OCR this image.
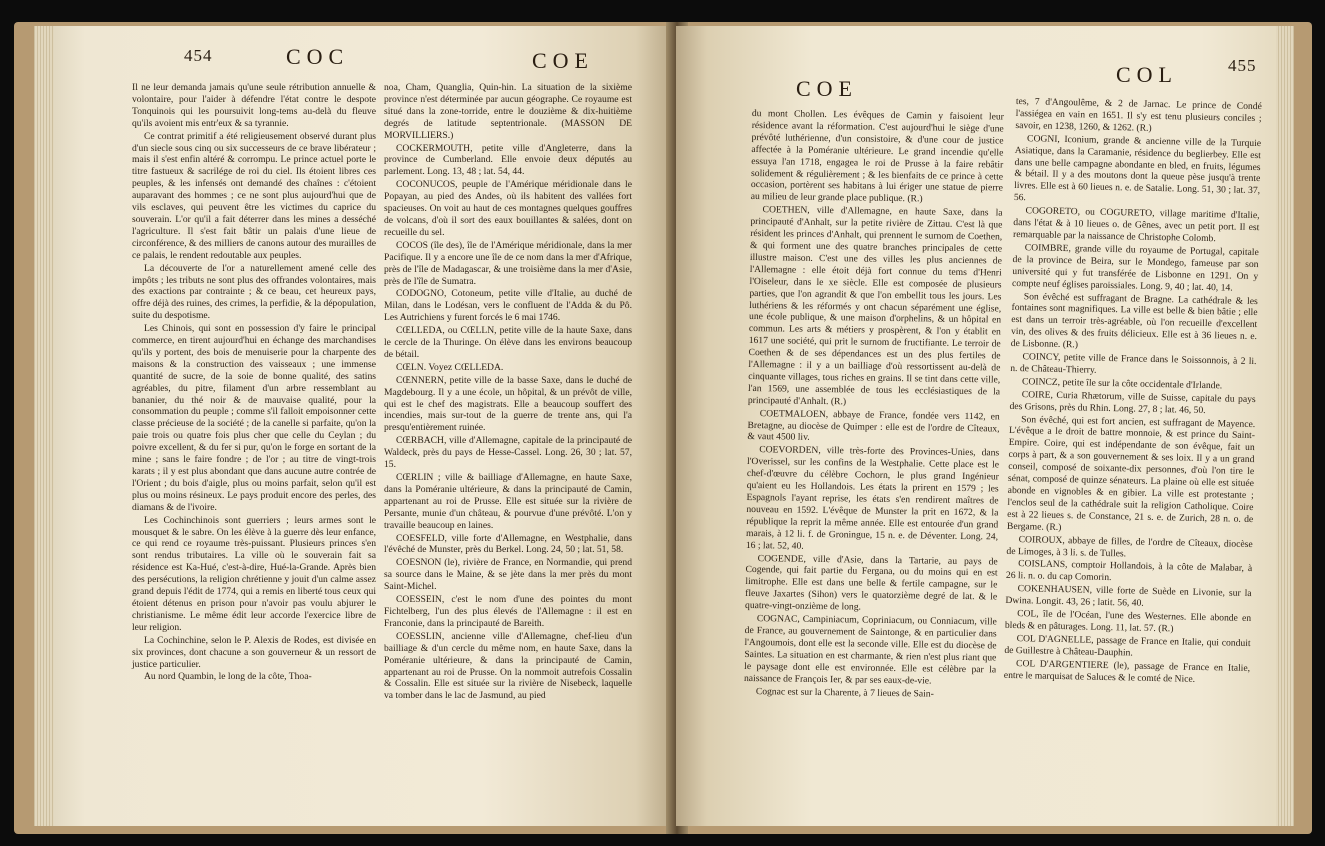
454	COC	COE

Il ne leur demanda jamais qu'une seule rétribution annuelle & volontaire, pour l'aider à défendre l'état contre le despote Tonquinois qui les poursuivit long-tems au-delà du fleuve qu'ils avoient mis entr'eux & sa tyrannie.

Ce contrat primitif a été religieusement observé durant plus d'un siecle sous cinq ou six successeurs de ce brave libérateur ; mais il s'est enfin altéré & corrompu. Le prince actuel porte le titre fastueux & sacrilége de roi du ciel. Ils étoient libres ces peuples, & les infensés ont demandé des chaînes : c'étoient auparavant des hommes ; ce ne sont plus aujourd'hui que de vils esclaves, qui peuvent être les victimes du caprice du souverain. L'or qu'il a fait déterrer dans les mines a desséché l'agriculture. Il s'est fait bâtir un palais d'une lieue de circonférence, & des milliers de canons autour des murailles de ce palais, le rendent redoutable aux peuples.

La découverte de l'or a naturellement amené celle des impôts ; les tributs ne sont plus des offrandes volontaires, mais des exactions par contrainte ; & ce beau, cet heureux pays, offre déjà des ruines, des crimes, la perfidie, & la dépopulation, suite du despotisme.

Les Chinois, qui sont en possession d'y faire le principal commerce, en tirent aujourd'hui en échange des marchandises qu'ils y portent, des bois de menuiserie pour la charpente des maisons & la construction des vaisseaux ; une immense quantité de sucre, de la soie de bonne qualité, des satins agréables, du pitre, filament d'un arbre ressemblant au bananier, du thé noir & de mauvaise qualité, pour la consommation du peuple ; comme s'il falloit empoisonner cette classe précieuse de la société ; de la canelle si parfaite, qu'on la paie trois ou quatre fois plus cher que celle du Ceylan ; du poivre excellent, & du fer si pur, qu'on le forge en sortant de la mine ; sans le faire fondre ; de l'or ; au titre de vingt-trois karats ; il y est plus abondant que dans aucune autre contrée de l'Orient ; du bois d'aigle, plus ou moins parfait, selon qu'il est plus ou moins résineux. Le pays produit encore des perles, des diamans & de l'ivoire.

Les Cochinchinois sont guerriers ; leurs armes sont le mousquet & le sabre. On les élève à la guerre dès leur enfance, ce qui rend ce royaume très-puissant. Plusieurs princes s'en sont rendus tributaires. La ville où le souverain fait sa résidence est Ka-Hué, c'est-à-dire, Hué-la-Grande. Après bien des persécutions, la religion chrétienne y jouit d'un calme assez grand depuis l'édit de 1774, qui a remis en liberté tous ceux qui étoient détenus en prison pour n'avoir pas voulu abjurer le christianisme. Le même édit leur accorde l'exercice libre de leur religion.

La Cochinchine, selon le P. Alexis de Rodes, est divisée en six provinces, dont chacune a son gouverneur & un ressort de justice particulier.

Au nord Quambin, le long de la côte, Thoa-

noa, Cham, Quanglia, Quin-hin. La situation de la sixième province n'est déterminée par aucun géographe. Ce royaume est situé dans la zone-torride, entre le douzième & dix-huitième degrés de latitude septentrionale. (MASSON DE MORVILLIERS.)

COCKERMOUTH, petite ville d'Angleterre, dans la province de Cumberland. Elle envoie deux députés au parlement. Long. 13, 48 ; lat. 54, 44.

COCONUCOS, peuple de l'Amérique méridionale dans le Popayan, au pied des Andes, où ils habitent des vallées fort spacieuses. On voit au haut de ces montagnes quelques gouffres de volcans, d'où il sort des eaux bouillantes & salées, dont on recueille du sel.

COCOS (île des), île de l'Amérique méridionale, dans la mer Pacifique. Il y a encore une île de ce nom dans la mer d'Afrique, près de l'île de Madagascar, & une troisième dans la mer d'Asie, près de l'île de Sumatra.

CODOGNO, Cotoneum, petite ville d'Italie, au duché de Milan, dans le Lodésan, vers le confluent de l'Adda & du Pô. Les Autrichiens y furent forcés le 6 mai 1746.

CŒLLEDA, ou CŒLLN, petite ville de la haute Saxe, dans le cercle de la Thuringe. On élève dans les environs beaucoup de bétail.

CŒLN. Voyez CŒLLEDA.

CŒNNERN, petite ville de la basse Saxe, dans le duché de Magdebourg. Il y a une école, un hôpital, & un prévôt de ville, qui est le chef des magistrats. Elle a beaucoup souffert des incendies, mais sur-tout de la guerre de trente ans, qui l'a presqu'entièrement ruinée.

CŒRBACH, ville d'Allemagne, capitale de la principauté de Waldeck, près du pays de Hesse-Cassel. Long. 26, 30 ; lat. 57, 15.

CŒRLIN ; ville & bailliage d'Allemagne, en haute Saxe, dans la Poméranie ultérieure, & dans la principauté de Camin, appartenant au roi de Prusse. Elle est située sur la rivière de Persante, munie d'un château, & pourvue d'une prévôté. L'on y travaille beaucoup en laines.

COESFELD, ville forte d'Allemagne, en Westphalie, dans l'évêché de Munster, près du Berkel. Long. 24, 50 ; lat. 51, 58.

COESNON (le), rivière de France, en Normandie, qui prend sa source dans le Maine, & se jète dans la mer près du mont Saint-Michel.

COESSEIN, c'est le nom d'une des pointes du mont Fichtelberg, l'un des plus élevés de l'Allemagne : il est en Franconie, dans la principauté de Bareith.

COESSLIN, ancienne ville d'Allemagne, chef-lieu d'un bailliage & d'un cercle du même nom, en haute Saxe, dans la Poméranie ultérieure, & dans la principauté de Camin, appartenant au roi de Prusse. On la nommoit autrefois Cossalin & Cossalin. Elle est située sur la rivière de Nisebeck, laquelle va tomber dans le lac de Jasmund, au pied

COE
COL	455

du mont Chollen. Les évêques de Camin y faisoient leur résidence avant la réformation. C'est aujourd'hui le siège d'une prévôté luthérienne, d'un consistoire, & d'une cour de justice affectée à la Poméranie ultérieure. Le grand incendie qu'elle essuya l'an 1718, engagea le roi de Prusse à la faire rebâtir solidement & régulièrement ; & les bienfaits de ce prince à cette occasion, portèrent ses habitans à lui ériger une statue de pierre au milieu de leur grande place publique. (R.)

COETHEN, ville d'Allemagne, en haute Saxe, dans la principauté d'Anhalt, sur la petite rivière de Zittau. C'est là que résident les princes d'Anhalt, qui prennent le surnom de Coethen, & qui forment une des quatre branches principales de cette illustre maison. C'est une des villes les plus anciennes de l'Allemagne : elle étoit déjà fort connue du tems d'Henri l'Oiseleur, dans le xe siècle. Elle est composée de plusieurs parties, que l'on agrandit & que l'on embellit tous les jours. Les luthériens & les réformés y ont chacun séparément une église, une école publique, & une maison d'orphelins, & un hôpital en commun. Les arts & métiers y prospèrent, & l'on y établit en 1617 une société, qui prit le surnom de fructifiante. Le terroir de Coethen & de ses dépendances est un des plus fertiles de l'Allemagne : il y a un bailliage d'où ressortissent au-delà de cinquante villages, tous riches en grains. Il se tint dans cette ville, l'an 1569, une assemblée de tous les ecclésiastiques de la principauté d'Anhalt. (R.)

COETMALOEN, abbaye de France, fondée vers 1142, en Bretagne, au diocèse de Quimper : elle est de l'ordre de Cîteaux, & vaut 4500 liv.

COEVORDEN, ville très-forte des Provinces-Unies, dans l'Overissel, sur les confins de la Westphalie. Cette place est le chef-d'œuvre du célèbre Cochorn, le plus grand Ingénieur qu'aient eu les Hollandois. Les états la prirent en 1579 ; les Espagnols l'ayant reprise, les états s'en rendirent maîtres de nouveau en 1592. L'évêque de Munster la prit en 1672, & la république la reprit la même année. Elle est entourée d'un grand marais, à 12 li. f. de Groningue, 15 n. e. de Déventer. Long. 24, 16 ; lat. 52, 40.

COGENDE, ville d'Asie, dans la Tartarie, au pays de Cogende, qui fait partie du Fergana, ou du moins qui en est limitrophe. Elle est dans une belle & fertile campagne, sur le fleuve Jaxartes (Sihon) vers le quatorzième degré de lat. & le quatre-vingt-onzième de long.

COGNAC, Campiniacum, Copriniacum, ou Conniacum, ville de France, au gouvernement de Saintonge, & en particulier dans l'Angoumois, dont elle est la seconde ville. Elle est du diocèse de Saintes. La situation en est charmante, & rien n'est plus riant que le paysage dont elle est environnée. Elle est célèbre par la naissance de François Ier, & par ses eaux-de-vie.

Cognac est sur la Charente, à 7 lieues de Sain-

tes, 7 d'Angoulême, & 2 de Jarnac. Le prince de Condé l'assiégea en vain en 1651. Il s'y est tenu plusieurs conciles ; savoir, en 1238, 1260, & 1262. (R.)

COGNI, Iconium, grande & ancienne ville de la Turquie Asiatique, dans la Caramanie, résidence du beglierbey. Elle est dans une belle campagne abondante en bled, en fruits, légumes & bétail. Il y a des moutons dont la queue pèse jusqu'à trente livres. Elle est à 60 lieues n. e. de Satalie. Long. 51, 30 ; lat. 37, 56.

COGORETO, ou COGURETO, village maritime d'Italie, dans l'état & à 10 lieues o. de Gênes, avec un petit port. Il est remarquable par la naissance de Christophe Colomb.

COIMBRE, grande ville du royaume de Portugal, capitale de la province de Beira, sur le Mondego, fameuse par son université qui y fut transférée de Lisbonne en 1291. On y compte neuf églises paroissiales. Long. 9, 40 ; lat. 40, 14.

Son évêché est suffragant de Bragne. La cathédrale & les fontaines sont magnifiques. La ville est belle & bien bâtie ; elle est dans un terroir très-agréable, où l'on recueille d'excellent vin, des olives & des fruits délicieux. Elle est à 36 lieues n. e. de Lisbonne. (R.)

COINCY, petite ville de France dans le Soissonnois, à 2 li. n. de Château-Thierry.

COINCZ, petite île sur la côte occidentale d'Irlande.

COIRE, Curia Rhætorum, ville de Suisse, capitale du pays des Grisons, près du Rhin. Long. 27, 8 ; lat. 46, 50.

Son évêché, qui est fort ancien, est suffragant de Mayence. L'évêque a le droit de battre monnoie, & est prince du Saint-Empire. Coire, qui est indépendante de son évêque, fait un corps à part, & a son gouvernement & ses loix. Il y a un grand conseil, composé de soixante-dix personnes, d'où l'on tire le sénat, composé de quinze sénateurs. La plaine où elle est située abonde en vignobles & en gibier. La ville est protestante ; l'enclos seul de la cathédrale suit la religion Catholique. Coire est à 22 lieues s. de Constance, 21 s. e. de Zurich, 28 n. o. de Bergame. (R.)

COIROUX, abbaye de filles, de l'ordre de Cîteaux, diocèse de Limoges, à 3 li. s. de Tulles.

COISLANS, comptoir Hollandois, à la côte de Malabar, à 26 li. n. o. du cap Comorin.

COKENHAUSEN, ville forte de Suède en Livonie, sur la Dwina. Longit. 43, 26 ; latit. 56, 40.

COL, île de l'Océan, l'une des Westernes. Elle abonde en bleds & en pâturages. Long. 11, lat. 57. (R.)

COL D'AGNELLE, passage de France en Italie, qui conduit de Guillestre à Château-Dauphin.

COL D'ARGENTIERE (le), passage de France en Italie, entre le marquisat de Saluces & le comté de Nice.
